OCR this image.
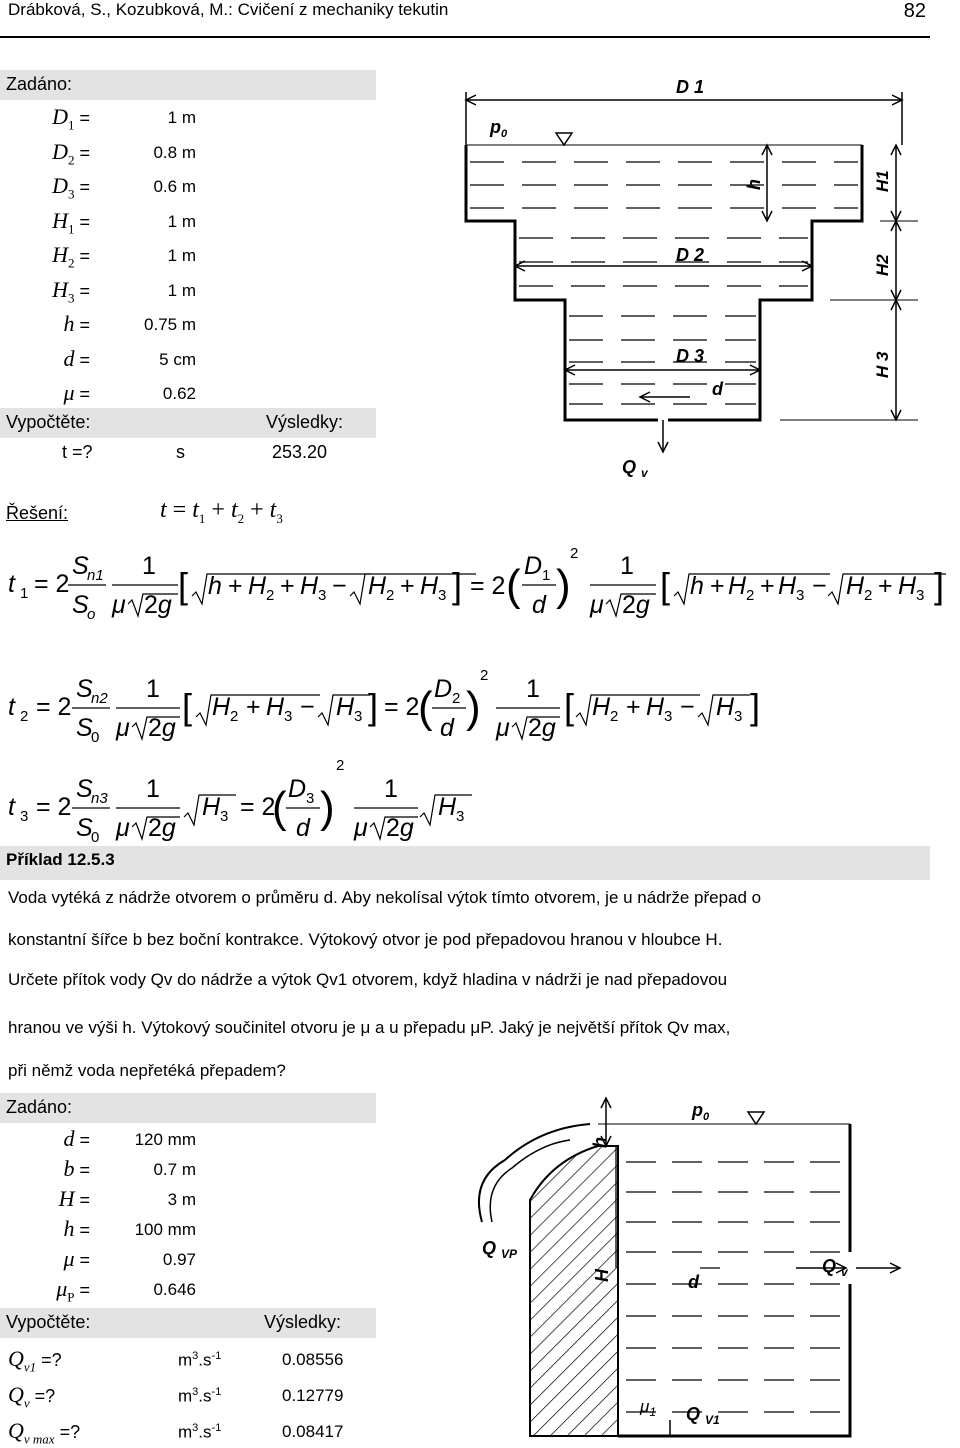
Drábková, S., Kozubková, M.: Cvičení z mechaniky tekutin	82
Zadáno:
$D_1$ =	1 m
$D_2$ =	0.8 m
$D_3$ =	0.6 m
$H_1$ =	1 m
$H_2$ =	1 m
$H_3$ =	1 m
h =	0.75 m
d =	5 cm
μ =	0.62
Vypočtěte:	Výsledky:
t =?	s	253.20
Řešení:
D 1
$p_0$
D 2
D 3
d
Q $_v$
h	H1
H2
H 3
$t = t_1 + t_2 + t_3$
t 1 = 2
S
n1
S
o
1
μ 2g [ h + H 2 + H 3 − H 2 + H 3 ] = 2 ( D 1
d )
2 1
μ 2g [ h + H 2 + H 3 − H 2 + H 3 ]
t 2 = 2
S
n2
S
0
1
μ 2g
[ H 2 + H 3 − H 3 ] = 2
( D 2
d )
2 1
μ 2g
[ H 2 + H 3 − H 3 ]
t 3 = 2
S
n3
S
0
1
μ 2g
H 3 = 2
( D 3
d )
2
1
μ 2g
H 3
Příklad 12.5.3
Voda vytéká z nádrže otvorem o průměru d. Aby nekolísal výtok tímto otvorem, je u nádrže přepad o
konstantní šířce b bez boční kontrakce. Výtokový otvor je pod přepadovou hranou v hloubce H.
Určete přítok vody Qv do nádrže a výtok Qv1 otvorem, když hladina v nádrži je nad přepadovou
hranou ve výši h. Výtokový součinitel otvoru je μ a u přepadu μP. Jaký je největší přítok Qv max,
při němž voda nepřetéká přepadem?
Zadáno:
d =	120 mm
b =	0.7 m
H =	3 m
h =	100 mm
μ =	0.97
$\mu_P$ =	0.646
Vypočtěte:	Výsledky:
$Q_{v1}$ =?	$m^3.s^{-1}$	0.08556
$Q_v$ =?	$m^3.s^{-1}$	0.12779
$Q_{v max}$ =?	$m^3.s^{-1}$	0.08417
$p_0$
h
H	d
Q $_v$
Q $_{VP}$
$\mu_1$ Q $_{V1}$
